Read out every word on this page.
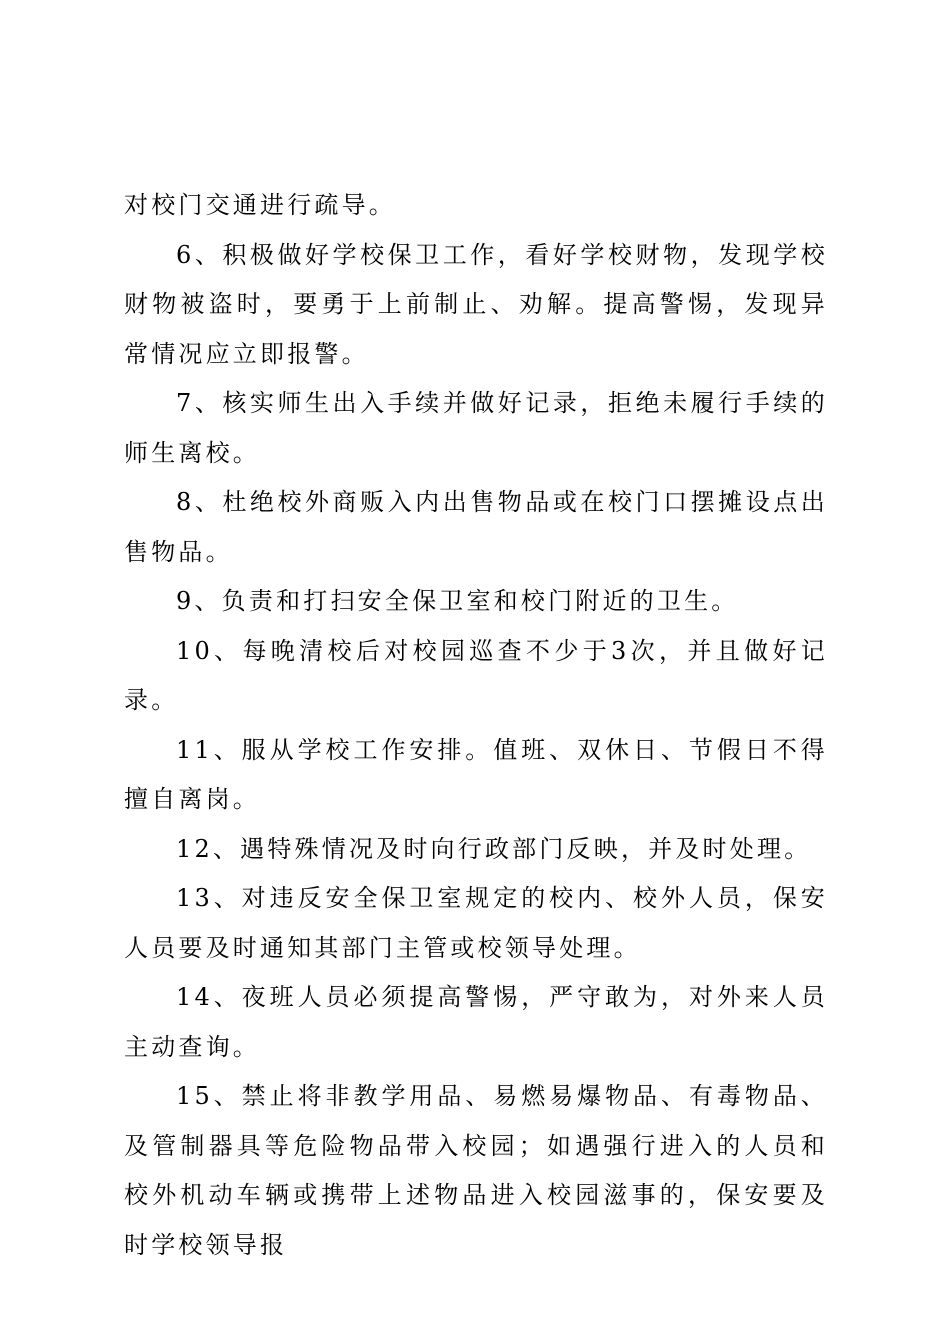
对校门交通进行疏导。

6、积极做好学校保卫工作，看好学校财物，发现学校财物被盗时，要勇于上前制止、劝解。提高警惕，发现异常情况应立即报警。

7、核实师生出入手续并做好记录，拒绝未履行手续的师生离校。

8、杜绝校外商贩入内出售物品或在校门口摆摊设点出售物品。

9、负责和打扫安全保卫室和校门附近的卫生。

10、每晚清校后对校园巡查不少于3次，并且做好记录。

11、服从学校工作安排。值班、双休日、节假日不得擅自离岗。

12、遇特殊情况及时向行政部门反映，并及时处理。

13、对违反安全保卫室规定的校内、校外人员，保安人员要及时通知其部门主管或校领导处理。

14、夜班人员必须提高警惕，严守敢为，对外来人员主动查询。

15、禁止将非教学用品、易燃易爆物品、有毒物品、及管制器具等危险物品带入校园；如遇强行进入的人员和校外机动车辆或携带上述物品进入校园滋事的，保安要及时学校领导报
